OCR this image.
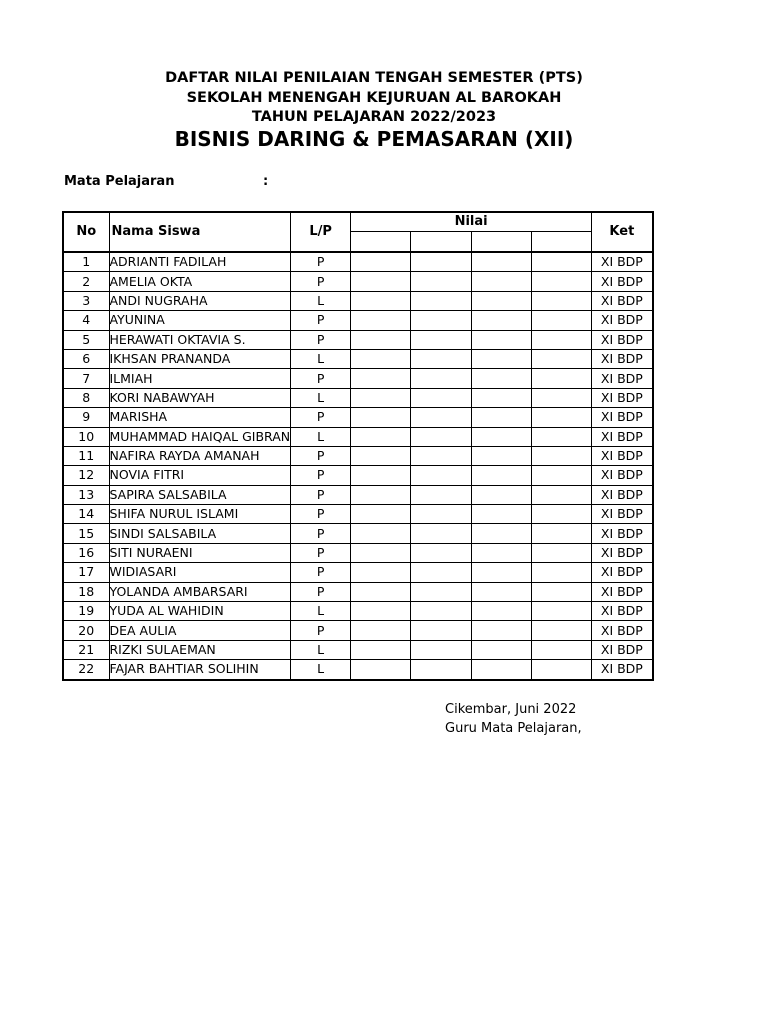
DAFTAR NILAI PENILAIAN TENGAH SEMESTER (PTS)
SEKOLAH MENENGAH KEJURUAN AL BAROKAH
TAHUN PELAJARAN 2022/2023
BISNIS DARING & PEMASARAN (XII)
Mata Pelajaran	:
No	Nama Siswa	L/P	Nilai				Ket

1	ADRIANTI FADILAH	P					XI BDP
2	AMELIA OKTA	P					XI BDP
3	ANDI NUGRAHA	L					XI BDP
4	AYUNINA	P					XI BDP
5	HERAWATI OKTAVIA S.	P					XI BDP
6	IKHSAN PRANANDA	L					XI BDP
7	ILMIAH	P					XI BDP
8	KORI NABAWYAH	L					XI BDP
9	MARISHA	P					XI BDP
10	MUHAMMAD HAIQAL GIBRAN	L					XI BDP
11	NAFIRA RAYDA AMANAH	P					XI BDP
12	NOVIA FITRI	P					XI BDP
13	SAPIRA SALSABILA	P					XI BDP
14	SHIFA NURUL ISLAMI	P					XI BDP
15	SINDI SALSABILA	P					XI BDP
16	SITI NURAENI	P					XI BDP
17	WIDIASARI	P					XI BDP
18	YOLANDA AMBARSARI	P					XI BDP
19	YUDA AL WAHIDIN	L					XI BDP
20	DEA AULIA	P					XI BDP
21	RIZKI SULAEMAN	L					XI BDP
22	FAJAR BAHTIAR SOLIHIN	L					XI BDP
Cikembar, Juni 2022
Guru Mata Pelajaran,
